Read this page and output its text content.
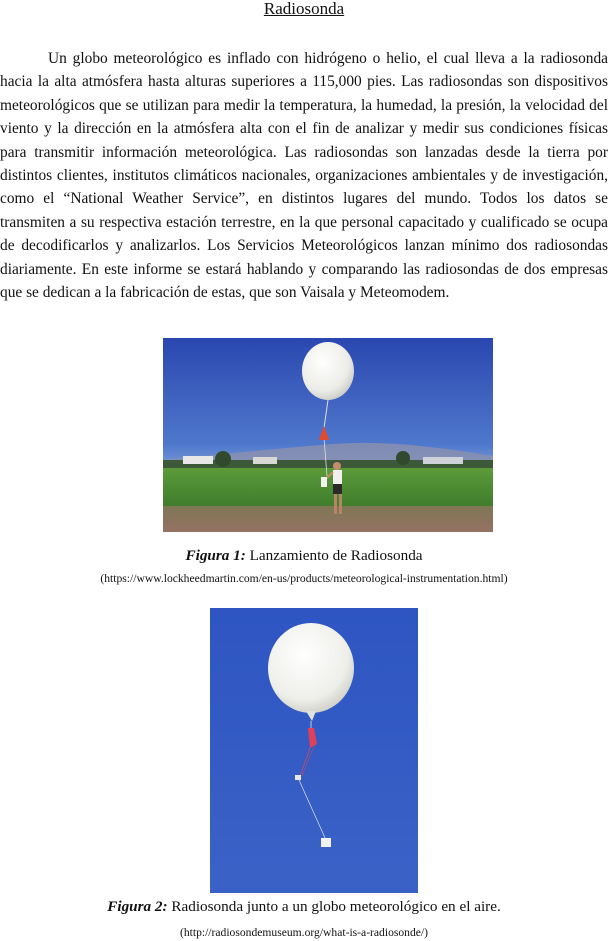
Radiosonda

Un globo meteorológico es inflado con hidrógeno o helio, el cual lleva a la radiosonda hacia la alta atmósfera hasta alturas superiores a 115,000 pies. Las radiosondas son dispositivos meteorológicos que se utilizan para medir la temperatura, la humedad, la presión, la velocidad del viento y la dirección en la atmósfera alta con el fin de analizar y medir sus condiciones físicas para transmitir información meteorológica. Las radiosondas son lanzadas desde la tierra por distintos clientes, institutos climáticos nacionales, organizaciones ambientales y de investigación, como el “National Weather Service”, en distintos lugares del mundo. Todos los datos se transmiten a su respectiva estación terrestre, en la que personal capacitado y cualificado se ocupa de decodificarlos y analizarlos. Los Servicios Meteorológicos lanzan mínimo dos radiosondas diariamente. En este informe se estará hablando y comparando las radiosondas de dos empresas que se dedican a la fabricación de estas, que son Vaisala y Meteomodem.

Figura 1: Lanzamiento de Radiosonda
(https://www.lockheedmartin.com/en-us/products/meteorological-instrumentation.html)
Figura 2: Radiosonda junto a un globo meteorológico en el aire.
(http://radiosondemuseum.org/what-is-a-radiosonde/)
